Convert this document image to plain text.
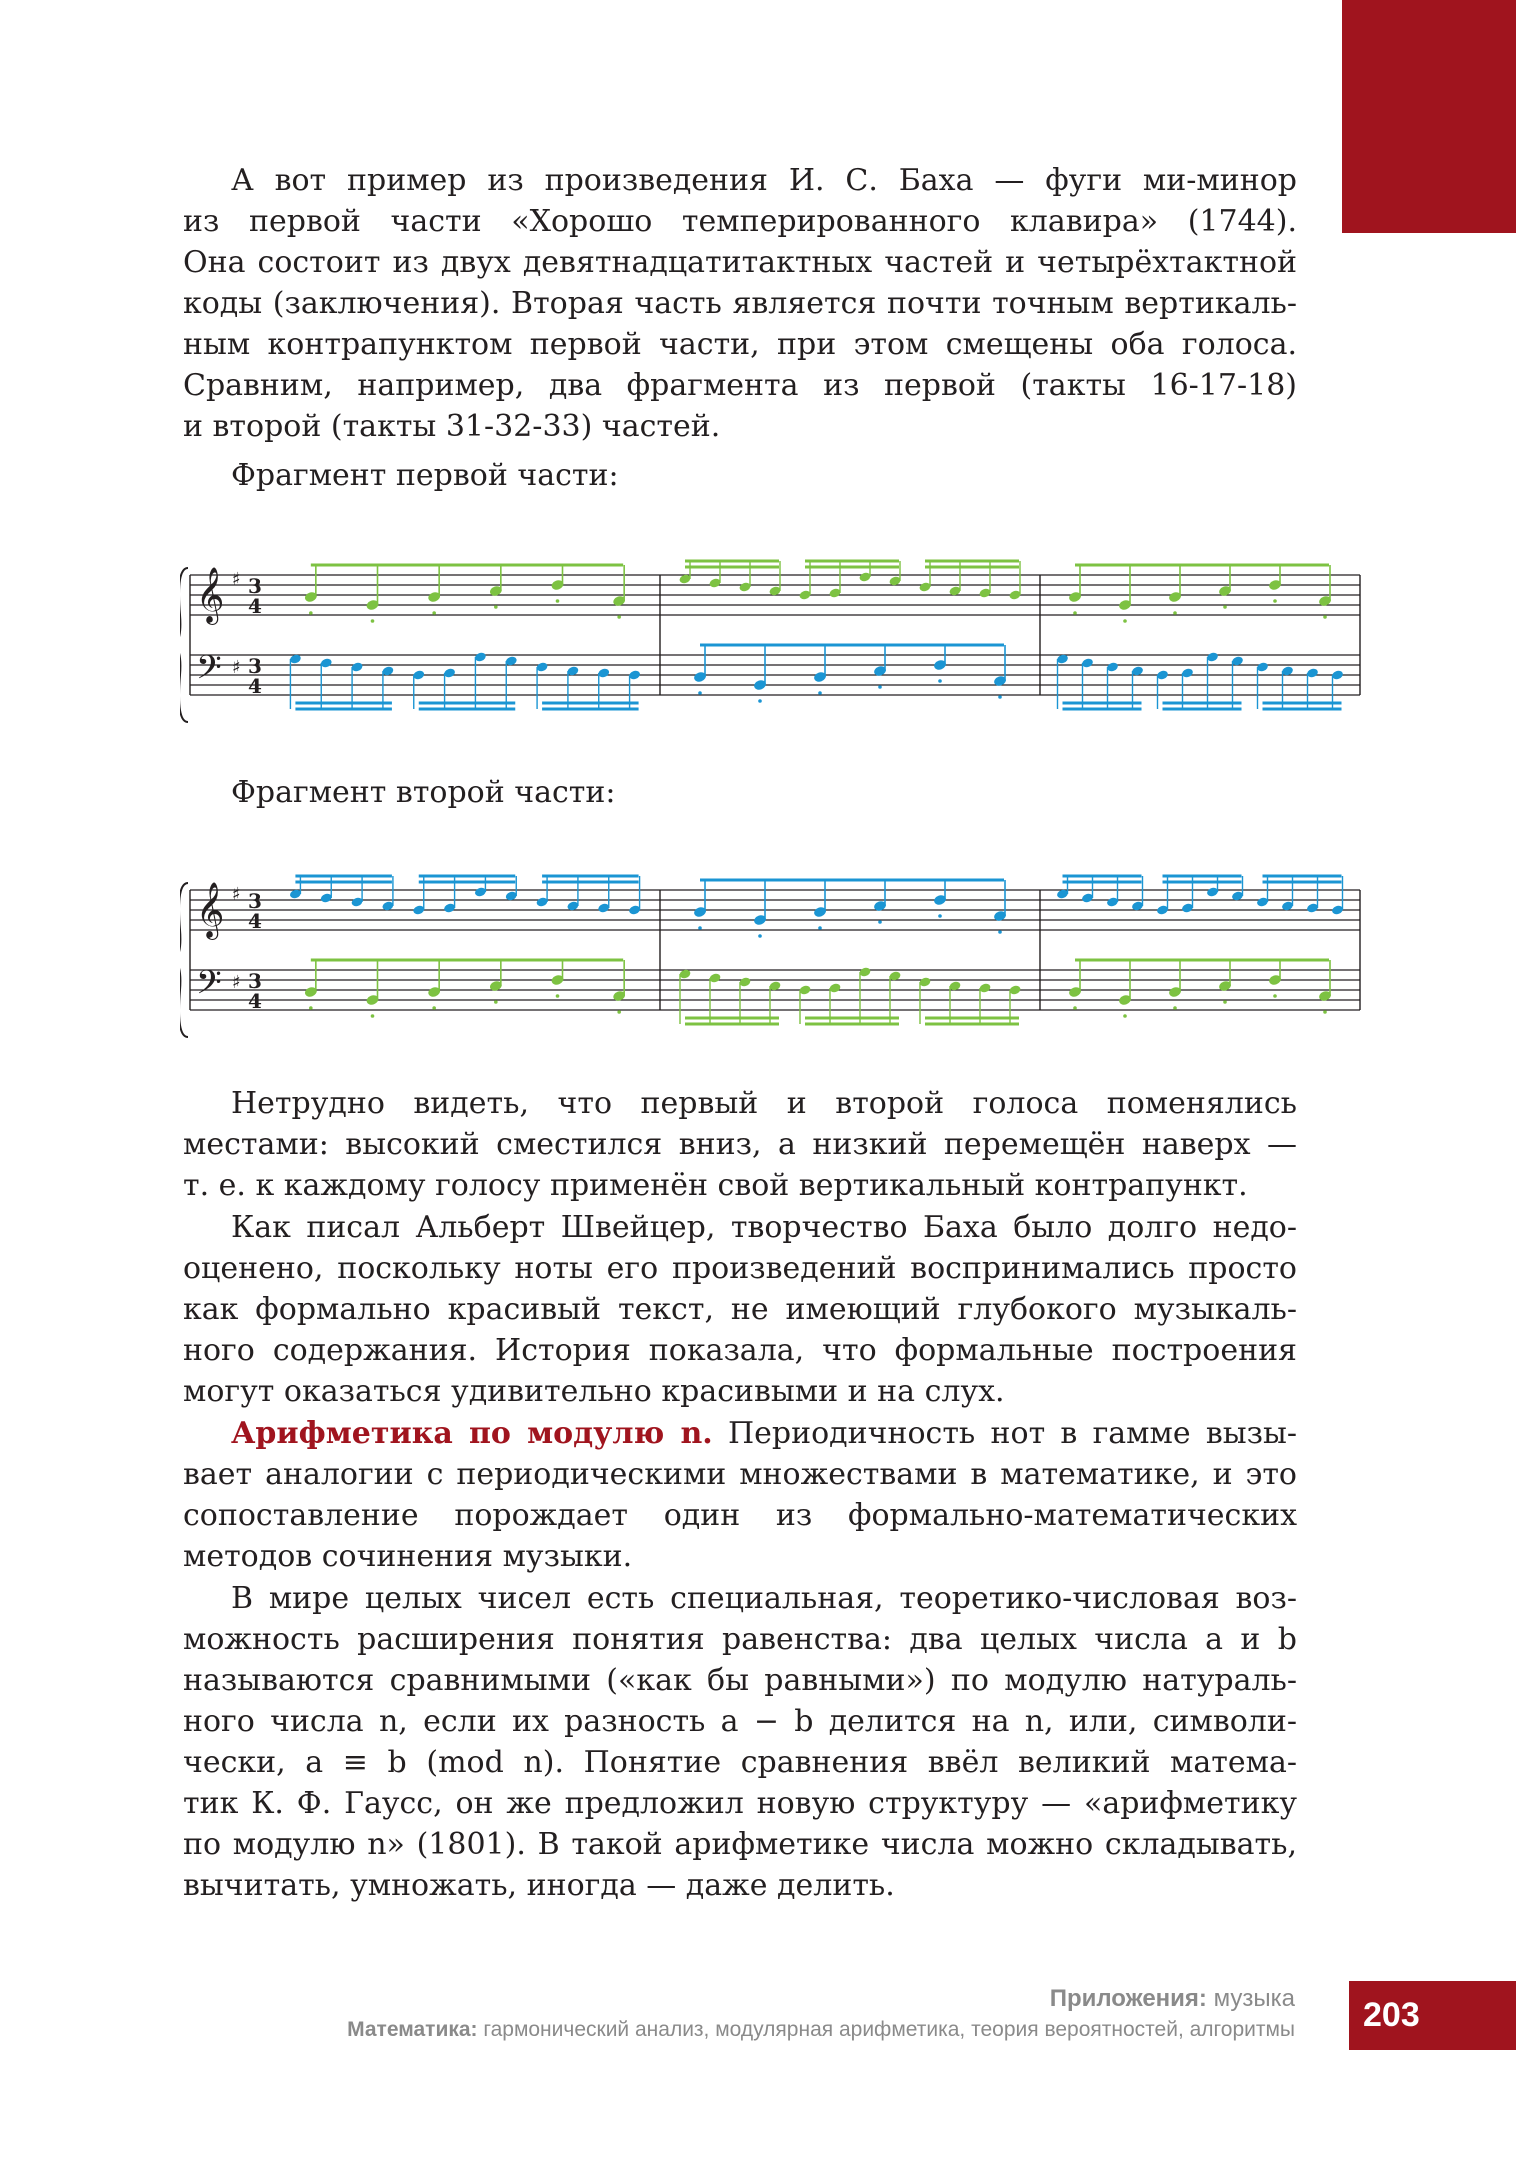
А вот пример из произведения И. С. Баха — фуги ми-минор
из первой части «Хорошо темперированного клавира» (1744).
Она состоит из двух девятнадцатитактных частей и четырёхтактной
коды (заключения). Вторая часть является почти точным вертикаль-
ным контрапунктом первой части, при этом смещены оба голоса.
Сравним, например, два фрагмента из первой (такты 16-17-18)
и второй (такты 31-32-33) частей.
Фрагмент первой части:
𝄞
𝄢
♯ 3
4
♯ 3
4
Фрагмент второй части:
𝄞
𝄢
♯ 3
4
♯ 3
4
Нетрудно видеть, что первый и второй голоса поменялись
местами: высокий сместился вниз, а низкий перемещён наверх —
т. е. к каждому голосу применён свой вертикальный контрапункт.
Как писал Альберт Швейцер, творчество Баха было долго недо-
оценено, поскольку ноты его произведений воспринимались просто
как формально красивый текст, не имеющий глубокого музыкаль-
ного содержания. История показала, что формальные построения
могут оказаться удивительно красивыми и на слух.
Арифметика по модулю n. Периодичность нот в гамме вызы-
вает аналогии с периодическими множествами в математике, и это
сопоставление порождает один из формально-математических
методов сочинения музыки.
В мире целых чисел есть специальная, теоретико-числовая воз-
можность расширения понятия равенства: два целых числа a и b
называются сравнимыми («как бы равными») по модулю натураль-
ного числа n, если их разность a − b делится на n, или, символи-
чески, a ≡ b (mod n). Понятие сравнения ввёл великий матема-
тик К. Ф. Гаусс, он же предложил новую структуру — «арифметику
по модулю n» (1801). В такой арифметике числа можно складывать,
вычитать, умножать, иногда — даже делить.
Приложения: музыка
Математика: гармонический анализ, модулярная арифметика, теория вероятностей, алгоритмы	203
